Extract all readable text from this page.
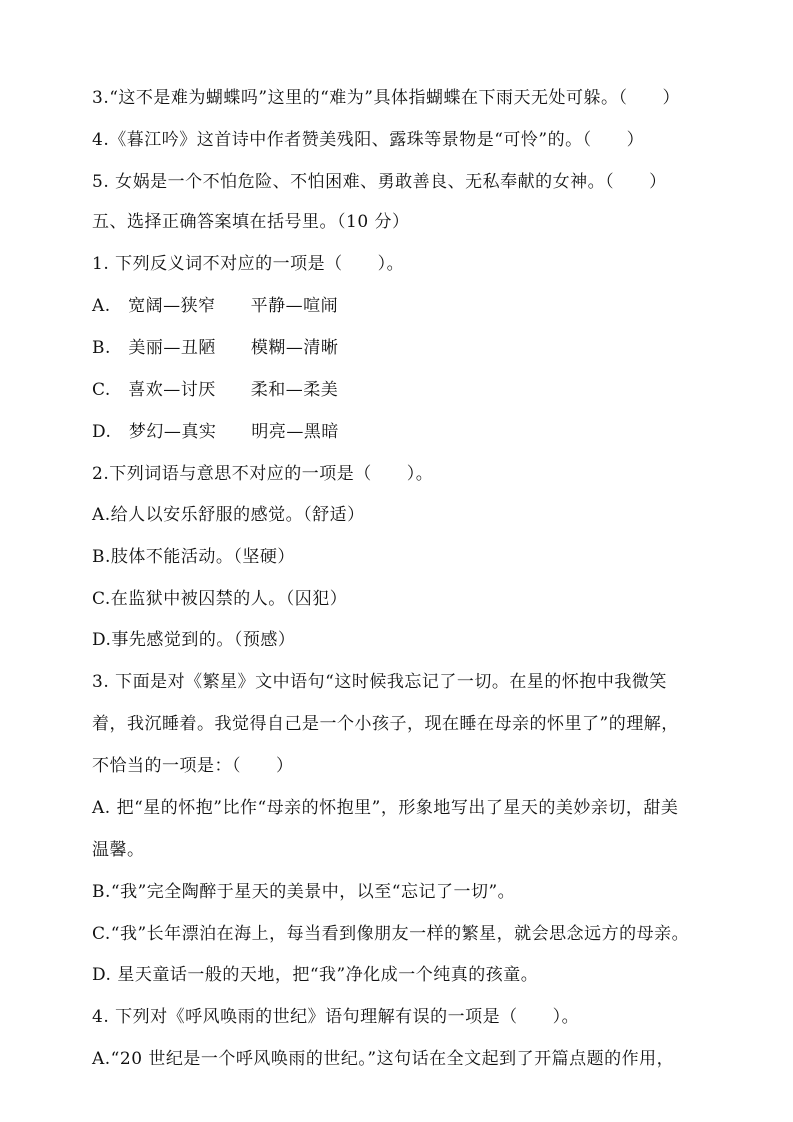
3.“这不是难为蝴蝶吗”这里的“难为”具体指蝴蝶在下雨天无处可躲。（　　）
4.《暮江吟》这首诗中作者赞美残阳、露珠等景物是“可怜”的。（　　）
5. 女娲是一个不怕危险、不怕困难、勇敢善良、无私奉献的女神。（　　）
五、选择正确答案填在括号里。（10 分）
1. 下列反义词不对应的一项是（　　）。
A.　宽阔—狭窄　　平静—喧闹
B.　美丽—丑陋　　模糊—清晰
C.　喜欢—讨厌　　柔和—柔美
D.　梦幻—真实　　明亮—黑暗
2.下列词语与意思不对应的一项是（　　）。
A.给人以安乐舒服的感觉。（舒适）
B.肢体不能活动。（坚硬）
C.在监狱中被囚禁的人。（囚犯）
D.事先感觉到的。（预感）
3. 下面是对《繁星》文中语句“这时候我忘记了一切。在星的怀抱中我微笑
着，我沉睡着。我觉得自己是一个小孩子，现在睡在母亲的怀里了”的理解，
不恰当的一项是：（　　）
A. 把“星的怀抱”比作“母亲的怀抱里”，形象地写出了星天的美妙亲切，甜美
温馨。
B.“我”完全陶醉于星天的美景中，以至“忘记了一切”。
C.“我”长年漂泊在海上，每当看到像朋友一样的繁星，就会思念远方的母亲。
D. 星天童话一般的天地，把“我”净化成一个纯真的孩童。
4. 下列对《呼风唤雨的世纪》语句理解有误的一项是（　　）。
A.“20 世纪是一个呼风唤雨的世纪。”这句话在全文起到了开篇点题的作用，
